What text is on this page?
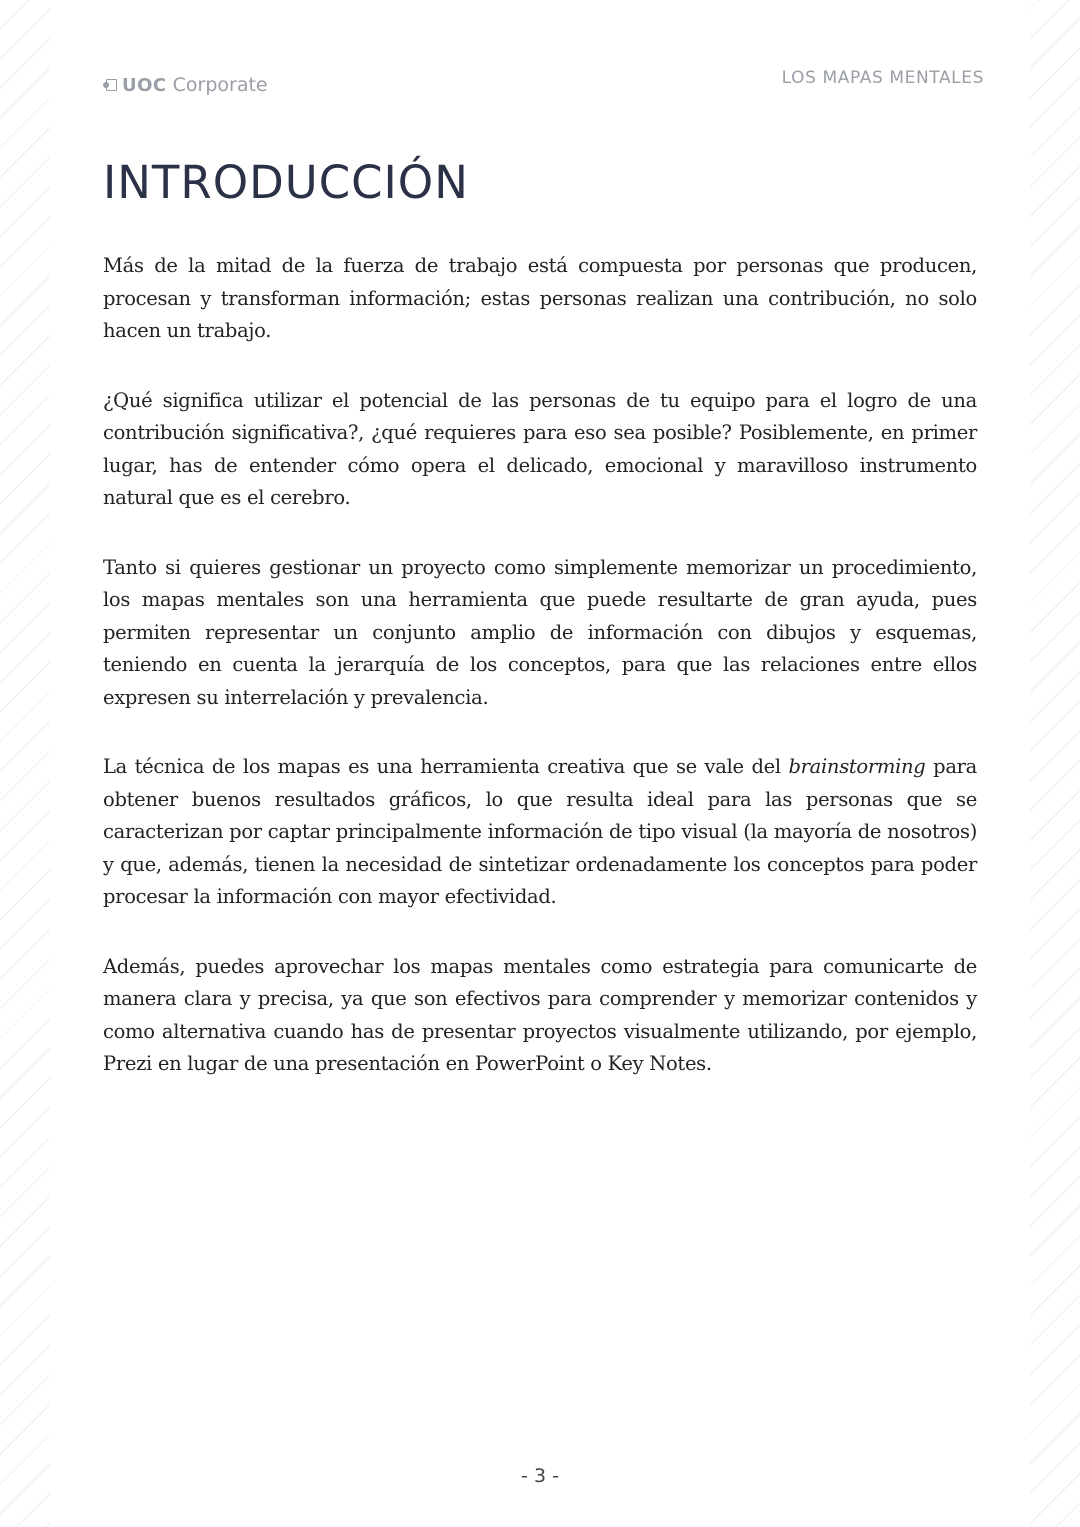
UOC Corporate	LOS MAPAS MENTALES
INTRODUCCIÓN

Más de la mitad de la fuerza de trabajo está compuesta por personas que producen, procesan y transforman información; estas personas realizan una contribución, no solo hacen un trabajo.

¿Qué significa utilizar el potencial de las personas de tu equipo para el logro de una contribución significativa?, ¿qué requieres para eso sea posible? Posiblemente, en primer lugar, has de entender cómo opera el delicado, emocional y maravilloso instrumento natural que es el cerebro.

Tanto si quieres gestionar un proyecto como simplemente memorizar un procedimiento, los mapas mentales son una herramienta que puede resultarte de gran ayuda, pues permiten representar un conjunto amplio de información con dibujos y esquemas, teniendo en cuenta la jerarquía de los conceptos, para que las relaciones entre ellos expresen su interrelación y prevalencia.

La técnica de los mapas es una herramienta creativa que se vale del brainstorming para obtener buenos resultados gráficos, lo que resulta ideal para las personas que se caracterizan por captar principalmente información de tipo visual (la mayoría de nosotros) y que, además, tienen la necesidad de sintetizar ordenadamente los conceptos para poder procesar la información con mayor efectividad.

Además, puedes aprovechar los mapas mentales como estrategia para comunicarte de manera clara y precisa, ya que son efectivos para comprender y memorizar contenidos y como alternativa cuando has de presentar proyectos visualmente utilizando, por ejemplo, Prezi en lugar de una presentación en PowerPoint o Key Notes.

- 3 -
